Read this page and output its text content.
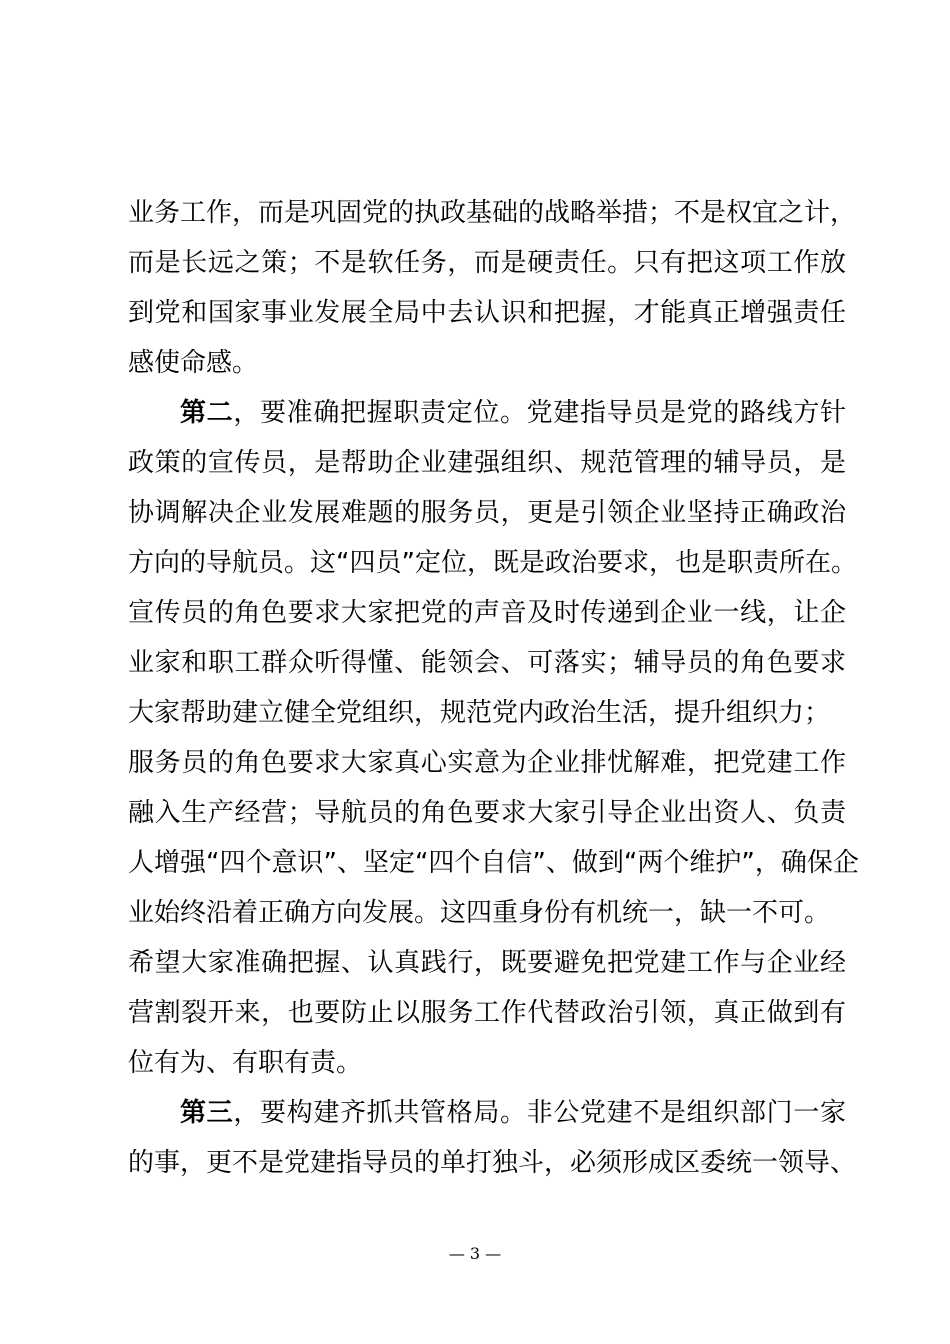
业务工作，而是巩固党的执政基础的战略举措；不是权宜之计，
而是长远之策；不是软任务，而是硬责任。只有把这项工作放
到党和国家事业发展全局中去认识和把握，才能真正增强责任
感使命感。
第二，要准确把握职责定位。党建指导员是党的路线方针
政策的宣传员，是帮助企业建强组织、规范管理的辅导员，是
协调解决企业发展难题的服务员，更是引领企业坚持正确政治
方向的导航员。这“四员”定位，既是政治要求，也是职责所在。
宣传员的角色要求大家把党的声音及时传递到企业一线，让企
业家和职工群众听得懂、能领会、可落实；辅导员的角色要求
大家帮助建立健全党组织，规范党内政治生活，提升组织力；
服务员的角色要求大家真心实意为企业排忧解难，把党建工作
融入生产经营；导航员的角色要求大家引导企业出资人、负责
人增强“四个意识”、坚定“四个自信”、做到“两个维护”，确保企
业始终沿着正确方向发展。这四重身份有机统一，缺一不可。
希望大家准确把握、认真践行，既要避免把党建工作与企业经
营割裂开来，也要防止以服务工作代替政治引领，真正做到有
位有为、有职有责。
第三，要构建齐抓共管格局。非公党建不是组织部门一家
的事，更不是党建指导员的单打独斗，必须形成区委统一领导、
— 3 —
